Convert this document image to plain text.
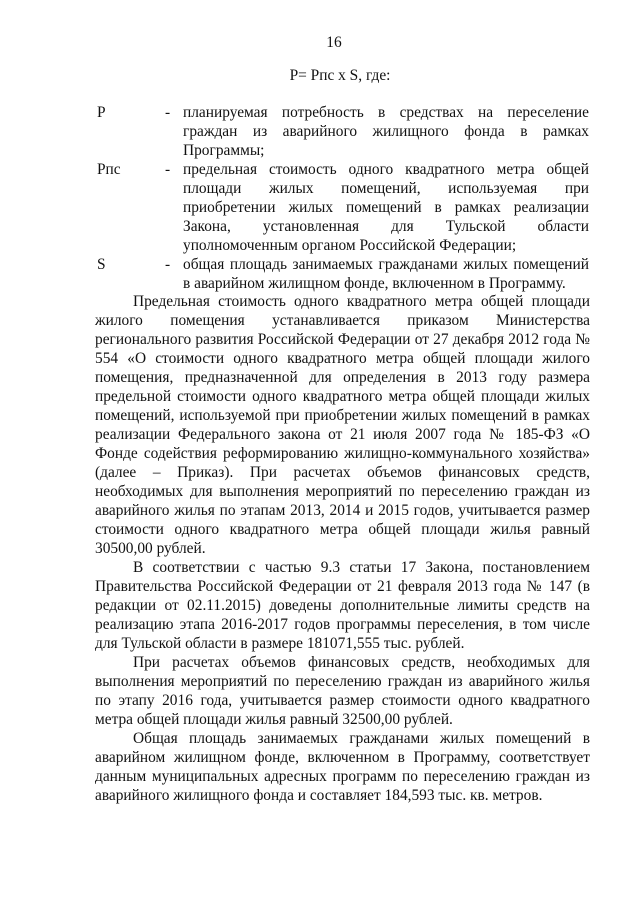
16
P= Pпс x S, где:
P	- планируемая потребность в средствах на переселение граждан из аварийного жилищного фонда в рамках Программы;
Pпс	- предельная стоимость одного квадратного метра общей площади жилых помещений, используемая при приобретении жилых помещений в рамках реализации Закона, установленная для Тульской области уполномоченным органом Российской Федерации;
S	- общая площадь занимаемых гражданами жилых помещений в аварийном жилищном фонде, включенном в Программу.

Предельная стоимость одного квадратного метра общей площади жилого помещения устанавливается приказом Министерства регионального развития Российской Федерации от 27 декабря 2012 года № 554 «О стоимости одного квадратного метра общей площади жилого помещения, предназначенной для определения в 2013 году размера предельной стоимости одного квадратного метра общей площади жилых помещений, используемой при приобретении жилых помещений в рамках реализации Федерального закона от 21 июля 2007 года № 185-ФЗ «О Фонде содействия реформированию жилищно-коммунального хозяйства» (далее – Приказ). При расчетах объемов финансовых средств, необходимых для выполнения мероприятий по переселению граждан из аварийного жилья по этапам 2013, 2014 и 2015 годов, учитывается размер стоимости одного квадратного метра общей площади жилья равный 30500,00 рублей.

В соответствии с частью 9.3 статьи 17 Закона, постановлением Правительства Российской Федерации от 21 февраля 2013 года № 147 (в редакции от 02.11.2015) доведены дополнительные лимиты средств на реализацию этапа 2016-2017 годов программы переселения, в том числе для Тульской области в размере 181071,555 тыс. рублей.

При расчетах объемов финансовых средств, необходимых для выполнения мероприятий по переселению граждан из аварийного жилья по этапу 2016 года, учитывается размер стоимости одного квадратного метра общей площади жилья равный 32500,00 рублей.

Общая площадь занимаемых гражданами жилых помещений в аварийном жилищном фонде, включенном в Программу, соответствует данным муниципальных адресных программ по переселению граждан из аварийного жилищного фонда и составляет 184,593 тыс. кв. метров.
